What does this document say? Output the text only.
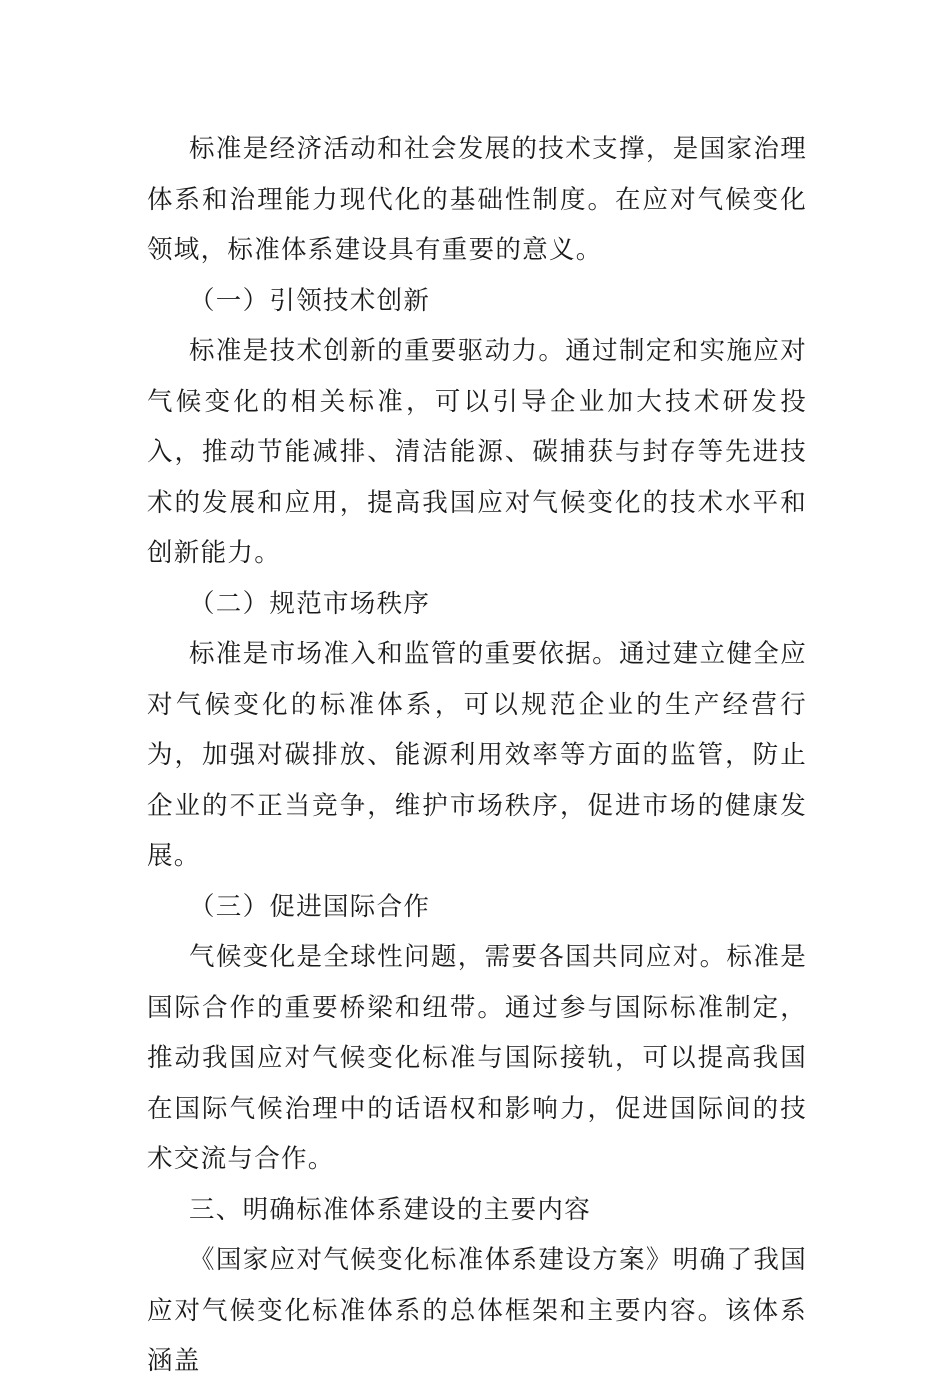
标准是经济活动和社会发展的技术支撑，是国家治理体系和治理能力现代化的基础性制度。在应对气候变化领域，标准体系建设具有重要的意义。

（一）引领技术创新

标准是技术创新的重要驱动力。通过制定和实施应对气候变化的相关标准，可以引导企业加大技术研发投入，推动节能减排、清洁能源、碳捕获与封存等先进技术的发展和应用，提高我国应对气候变化的技术水平和创新能力。

（二）规范市场秩序

标准是市场准入和监管的重要依据。通过建立健全应对气候变化的标准体系，可以规范企业的生产经营行为，加强对碳排放、能源利用效率等方面的监管，防止企业的不正当竞争，维护市场秩序，促进市场的健康发展。

（三）促进国际合作

气候变化是全球性问题，需要各国共同应对。标准是国际合作的重要桥梁和纽带。通过参与国际标准制定，推动我国应对气候变化标准与国际接轨，可以提高我国在国际气候治理中的话语权和影响力，促进国际间的技术交流与合作。

三、明确标准体系建设的主要内容

《国家应对气候变化标准体系建设方案》明确了我国应对气候变化标准体系的总体框架和主要内容。该体系涵盖
